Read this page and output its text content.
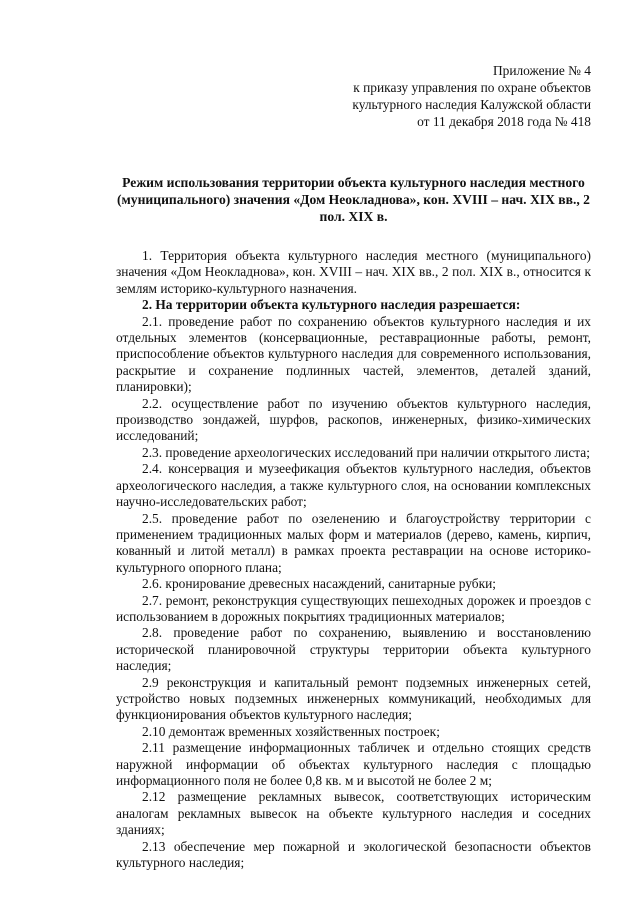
Приложение № 4
к приказу управления по охране объектов
культурного наследия Калужской области
от 11 декабря 2018 года № 418
Режим использования территории объекта культурного наследия местного (муниципального) значения «Дом Неокладнова», кон. XVIII – нач. XIX вв., 2 пол. XIX в.

1. Территория объекта культурного наследия местного (муниципального) значения «Дом Неокладнова», кон. XVIII – нач. XIX вв., 2 пол. XIX в., относится к землям историко-культурного назначения.

2. На территории объекта культурного наследия разрешается:

2.1. проведение работ по сохранению объектов культурного наследия и их отдельных элементов (консервационные, реставрационные работы, ремонт, приспособление объектов культурного наследия для современного использования, раскрытие и сохранение подлинных частей, элементов, деталей зданий, планировки);

2.2. осуществление работ по изучению объектов культурного наследия, производство зондажей, шурфов, раскопов, инженерных, физико-химических исследований;

2.3. проведение археологических исследований при наличии открытого листа;

2.4. консервация и музеефикация объектов культурного наследия, объектов археологического наследия, а также культурного слоя, на основании комплексных научно-исследовательских работ;

2.5. проведение работ по озеленению и благоустройству территории с применением традиционных малых форм и материалов (дерево, камень, кирпич, кованный и литой металл) в рамках проекта реставрации на основе историко-культурного опорного плана;

2.6. кронирование древесных насаждений, санитарные рубки;

2.7. ремонт, реконструкция существующих пешеходных дорожек и проездов с использованием в дорожных покрытиях традиционных материалов;

2.8. проведение работ по сохранению, выявлению и восстановлению исторической планировочной структуры территории объекта культурного наследия;

2.9 реконструкция и капитальный ремонт подземных инженерных сетей, устройство новых подземных инженерных коммуникаций, необходимых для функционирования объектов культурного наследия;

2.10 демонтаж временных хозяйственных построек;

2.11 размещение информационных табличек и отдельно стоящих средств наружной информации об объектах культурного наследия с площадью информационного поля не более 0,8 кв. м и высотой не более 2 м;

2.12 размещение рекламных вывесок, соответствующих историческим аналогам рекламных вывесок на объекте культурного наследия и соседних зданиях;

2.13 обеспечение мер пожарной и экологической безопасности объектов культурного наследия;
